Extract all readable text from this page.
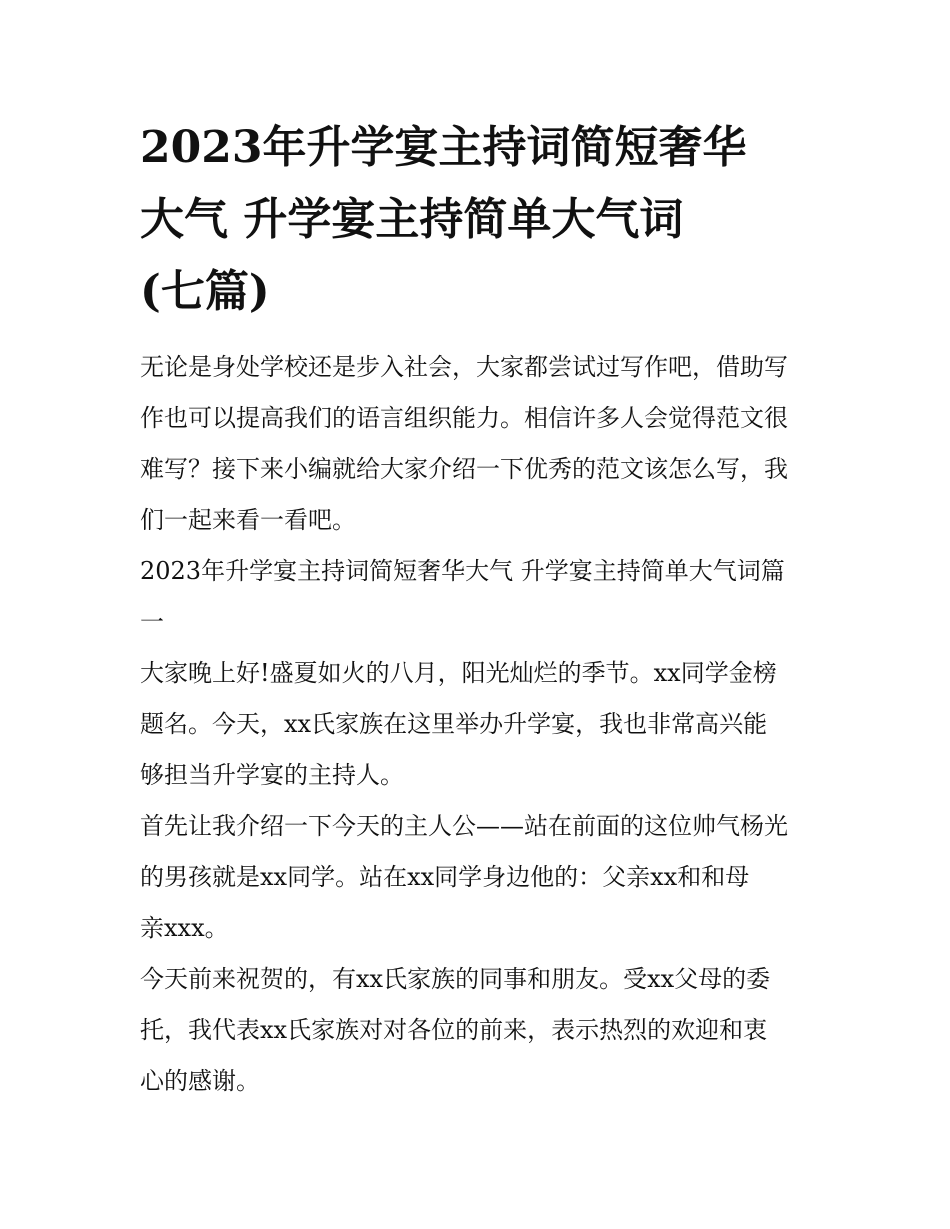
2023年升学宴主持词简短奢华
大气 升学宴主持简单大气词
(七篇)

无论是身处学校还是步入社会，大家都尝试过写作吧，借助写
作也可以提高我们的语言组织能力。相信许多人会觉得范文很
难写？接下来小编就给大家介绍一下优秀的范文该怎么写，我
们一起来看一看吧。

2023年升学宴主持词简短奢华大气 升学宴主持简单大气词篇
一

大家晚上好!盛夏如火的八月，阳光灿烂的季节。xx同学金榜
题名。今天，xx氏家族在这里举办升学宴，我也非常高兴能
够担当升学宴的主持人。

首先让我介绍一下今天的主人公——站在前面的这位帅气杨光
的男孩就是xx同学。站在xx同学身边他的：父亲xx和和母
亲xxx。

今天前来祝贺的，有xx氏家族的同事和朋友。受xx父母的委
托，我代表xx氏家族对对各位的前来，表示热烈的欢迎和衷
心的感谢。
